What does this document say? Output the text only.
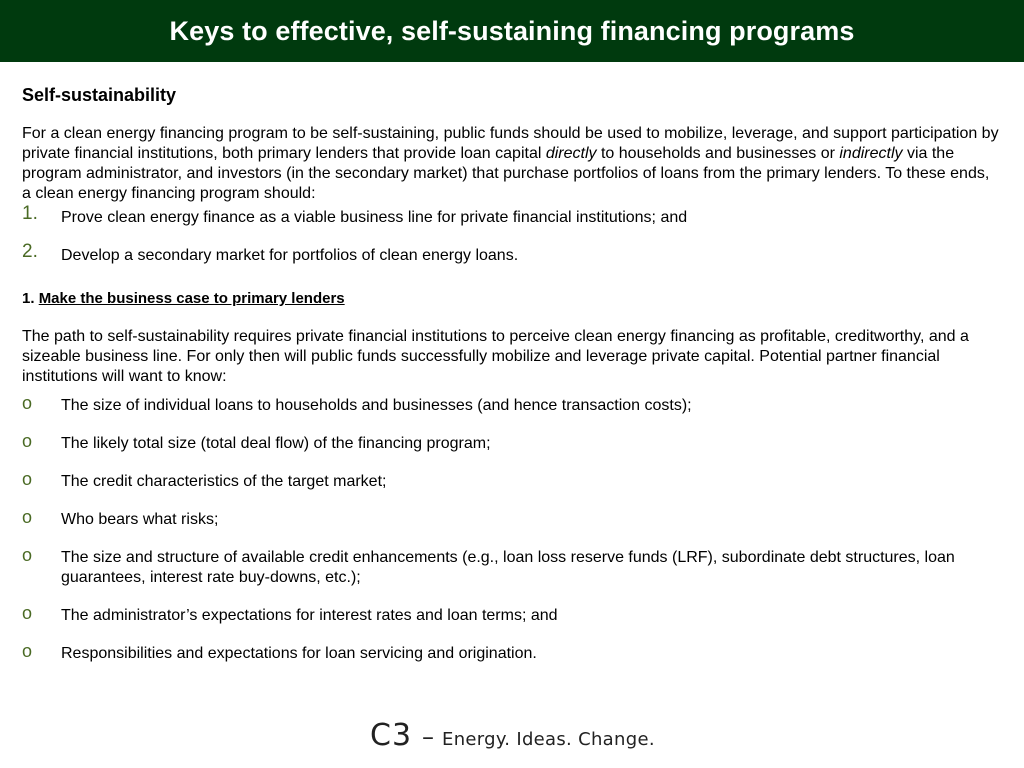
Keys to effective, self-sustaining financing programs
Self-sustainability

For a clean energy financing program to be self-sustaining, public funds should be used to mobilize, leverage, and support participation by private financial institutions, both primary lenders that provide loan capital directly to households and businesses or indirectly via the program administrator, and investors (in the secondary market) that purchase portfolios of loans from the primary lenders. To these ends, a clean energy financing program should:

1. Prove clean energy finance as a viable business line for private financial institutions; and
2. Develop a secondary market for portfolios of clean energy loans.
1. Make the business case to primary lenders

The path to self-sustainability requires private financial institutions to perceive clean energy financing as profitable, creditworthy, and a sizeable business line. For only then will public funds successfully mobilize and leverage private capital. Potential partner financial institutions will want to know:

o The size of individual loans to households and businesses (and hence transaction costs);
o The likely total size (total deal flow) of the financing program;
o The credit characteristics of the target market;
o Who bears what risks;
o The size and structure of available credit enhancements (e.g., loan loss reserve funds (LRF), subordinate debt structures, loan guarantees, interest rate buy-downs, etc.);
o The administrator’s expectations for interest rates and loan terms; and
o Responsibilities and expectations for loan servicing and origination.
C3 – Energy. Ideas. Change.
